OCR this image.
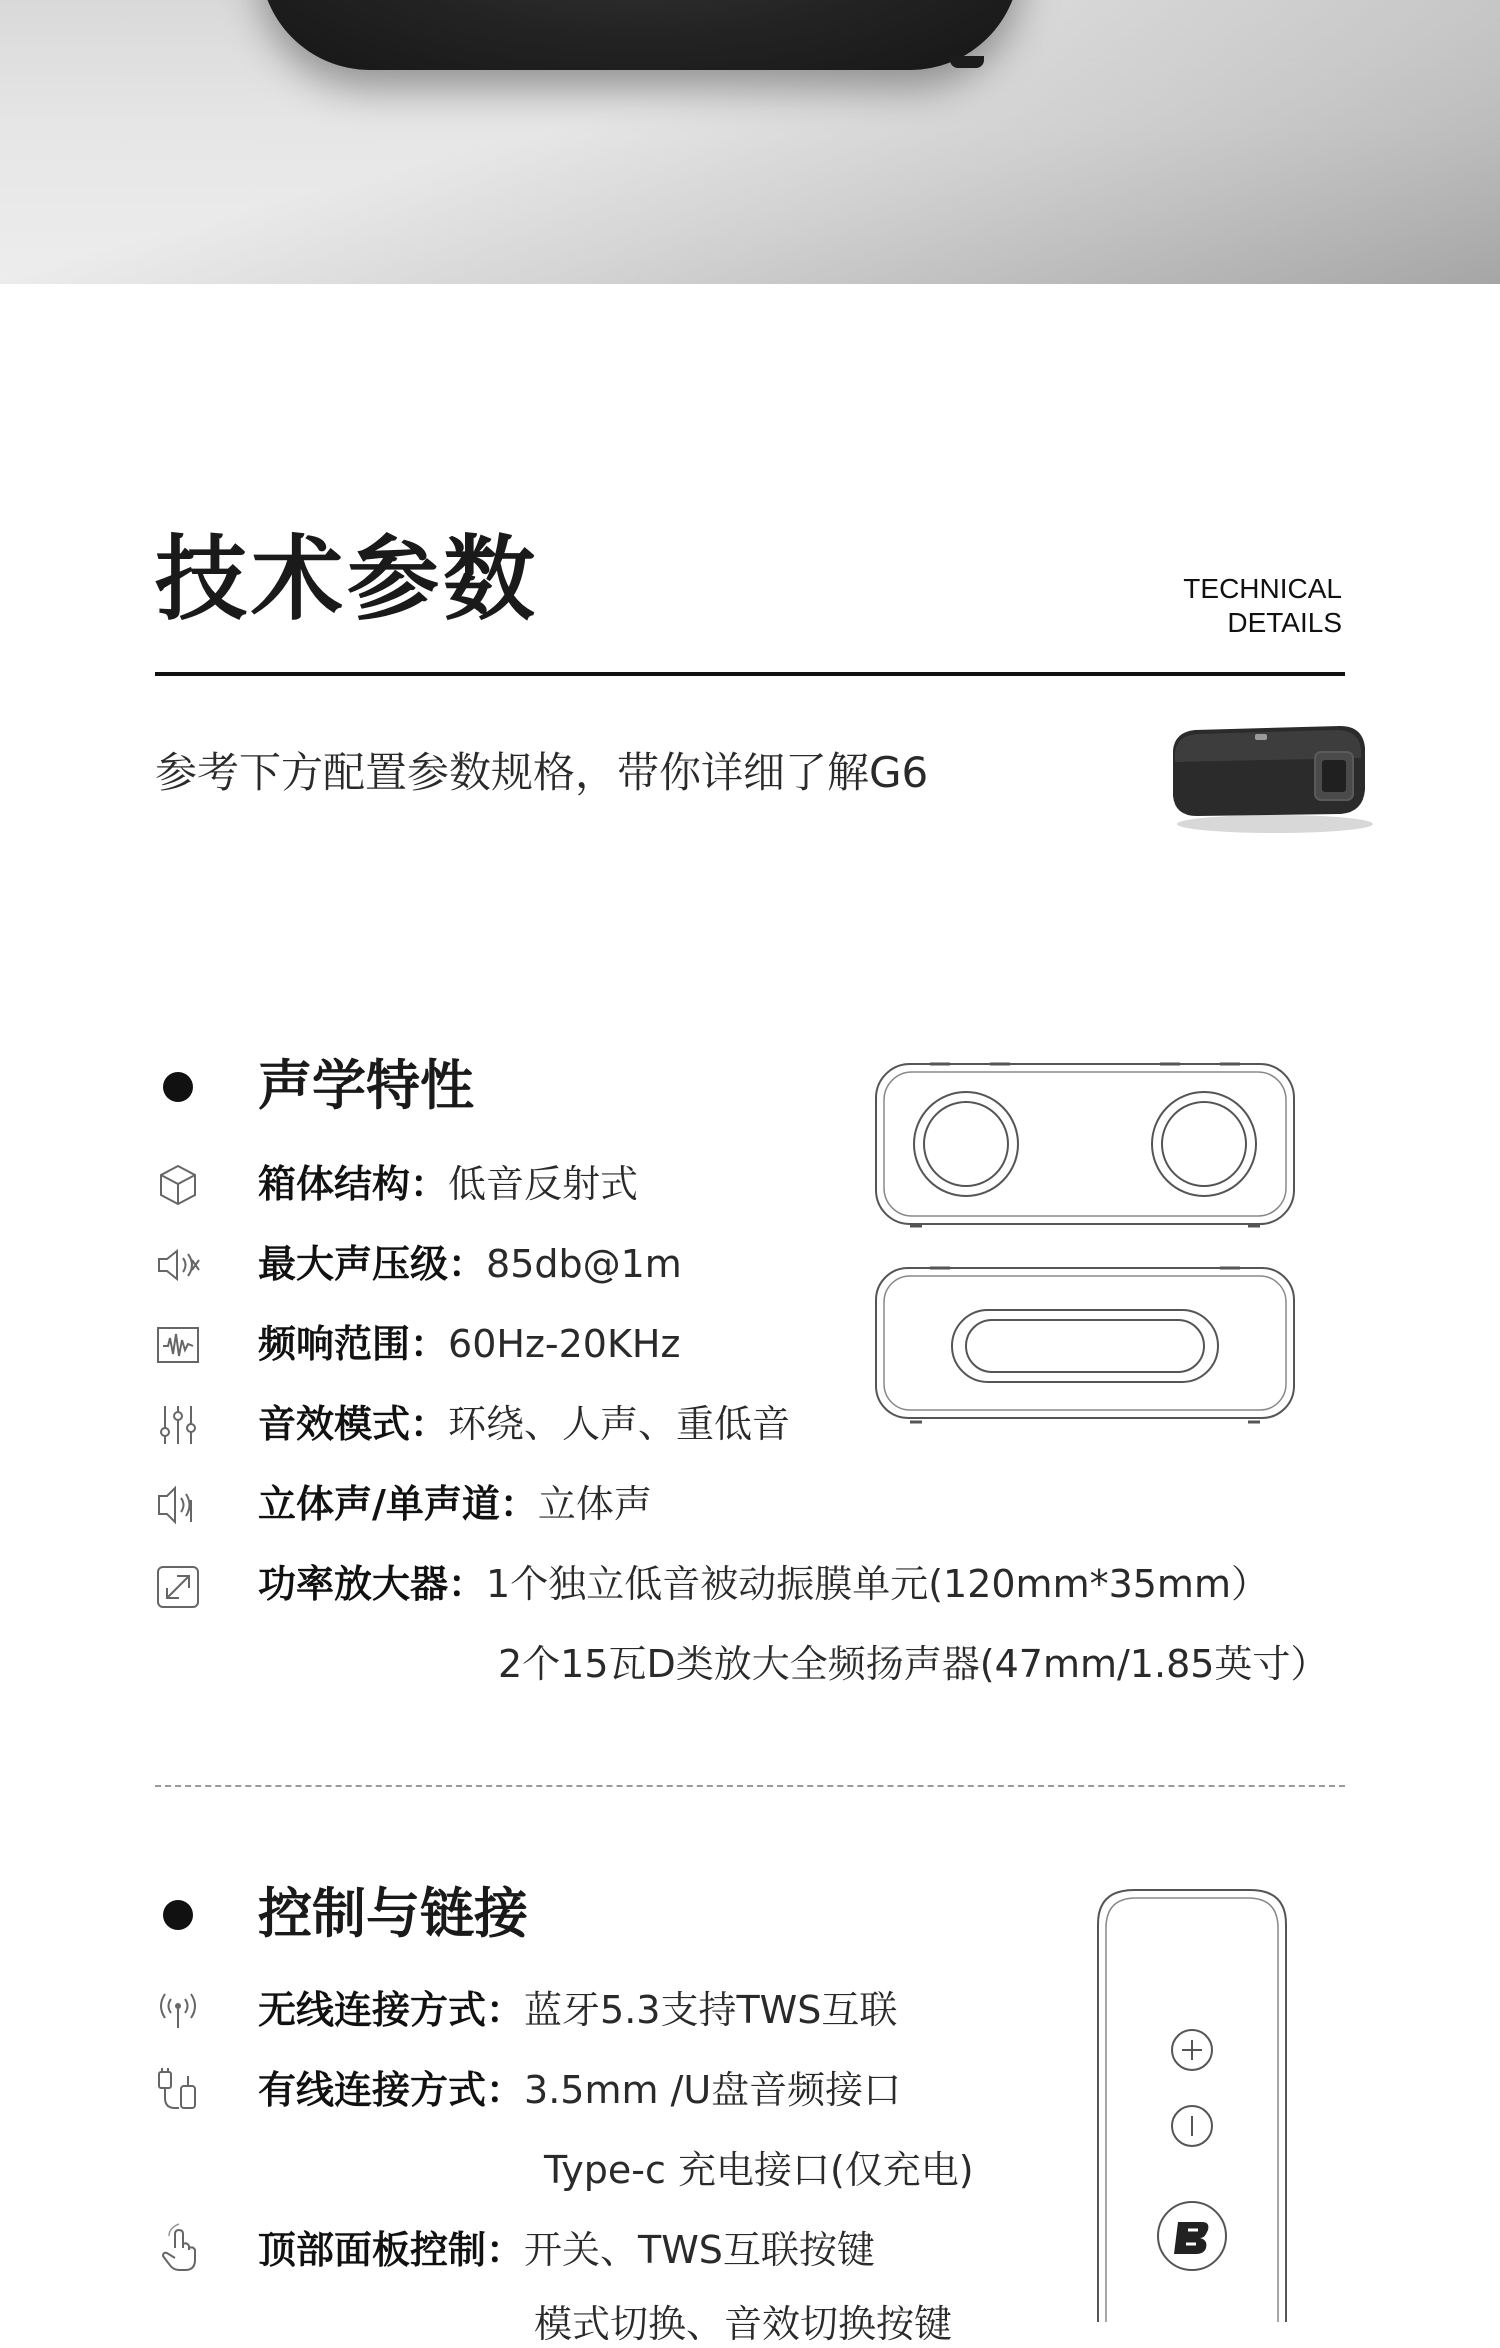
技术参数	TECHNICAL
DETAILS
参考下方配置参数规格，带你详细了解G6
声学特性
箱体结构：低音反射式
最大声压级：85db@1m
频响范围：60Hz-20KHz
音效模式：环绕、人声、重低音
立体声/单声道：立体声
功率放大器：1个独立低音被动振膜单元(120mm*35mm）
2个15瓦D类放大全频扬声器(47mm/1.85英寸）
控制与链接
无线连接方式：蓝牙5.3支持TWS互联
有线连接方式：3.5mm /U盘音频接口
Type-c 充电接口(仅充电)
顶部面板控制：开关、TWS互联按键
模式切换、音效切换按键
